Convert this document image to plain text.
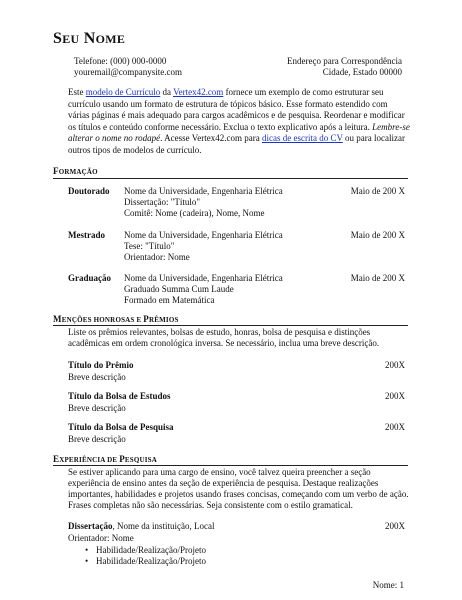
SEU NOME
Telefone: (000) 000-0000
youremail@companysite.com
Endereço para Correspondência
Cidade, Estado 00000
Este modelo de Currículo da Vertex42.com fornece um exemplo de como estruturar seu currículo usando um formato de estrutura de tópicos básico. Esse formato estendido com várias páginas é mais adequado para cargos acadêmicos e de pesquisa. Reordenar e modificar os títulos e conteúdo conforme necessário. Exclua o texto explicativo após a leitura. Lembre-se alterar o nome no rodapé. Acesse Vertex42.com para dicas de escrita do CV ou para localizar outros tipos de modelos de currículo.
FORMAÇÃO
Doutorado Nome da Universidade, Engenharia Elétrica
Dissertação: "Título"
Comitê: Nome (cadeira), Nome, Nome
Maio de 200 X
Mestrado Nome da Universidade, Engenharia Elétrica
Tese: "Título"
Orientador: Nome
Maio de 200 X
Graduação Nome da Universidade, Engenharia Elétrica
Graduado Summa Cum Laude
Formado em Matemática
Maio de 200 X
MENÇÕES HONROSAS E PRÊMIOS
Liste os prêmios relevantes, bolsas de estudo, honras, bolsa de pesquisa e distinções acadêmicas em ordem cronológica inversa. Se necessário, inclua uma breve descrição.
Título do Prêmio
Breve descrição
200X
Título da Bolsa de Estudos
Breve descrição
200X
Título da Bolsa de Pesquisa
Breve descrição
200X
EXPERIÊNCIA DE PESQUISA
Se estiver aplicando para uma cargo de ensino, você talvez queira preencher a seção experiência de ensino antes da seção de experiência de pesquisa. Destaque realizações importantes, habilidades e projetos usando frases concisas, começando com um verbo de ação. Frases completas não são necessárias. Seja consistente com o estilo gramatical.
Dissertação, Nome da instituição, Local	200X
Orientador: Nome
• Habilidade/Realização/Projeto
• Habilidade/Realização/Projeto
Nome: 1
